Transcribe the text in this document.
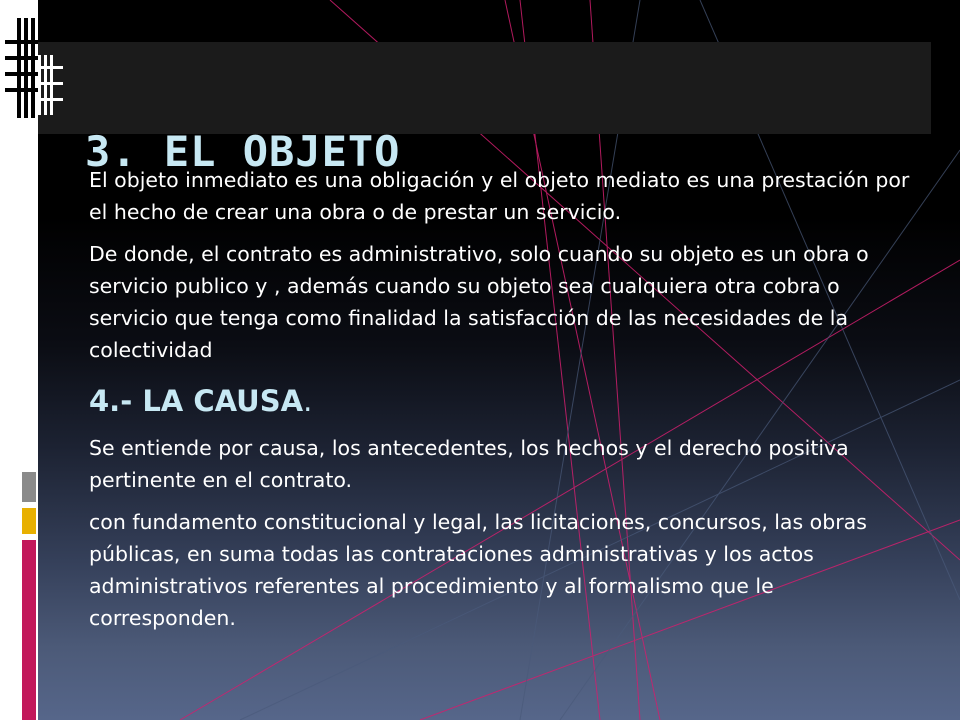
3. EL OBJETO

El objeto inmediato es una obligación y el objeto mediato es una prestación por el hecho de crear una obra o de prestar un servicio.

De donde, el contrato es administrativo, solo cuando su objeto es un obra o servicio publico y , además cuando su objeto sea cualquiera otra cobra o servicio que tenga como finalidad la satisfacción de las necesidades de la colectividad

4.- LA CAUSA.

Se entiende por causa, los antecedentes, los hechos y el derecho positiva pertinente en el contrato.

con fundamento constitucional y legal, las licitaciones, concursos, las obras públicas, en suma todas las contrataciones administrativas y los actos administrativos referentes al procedimiento y al formalismo que le corresponden.
